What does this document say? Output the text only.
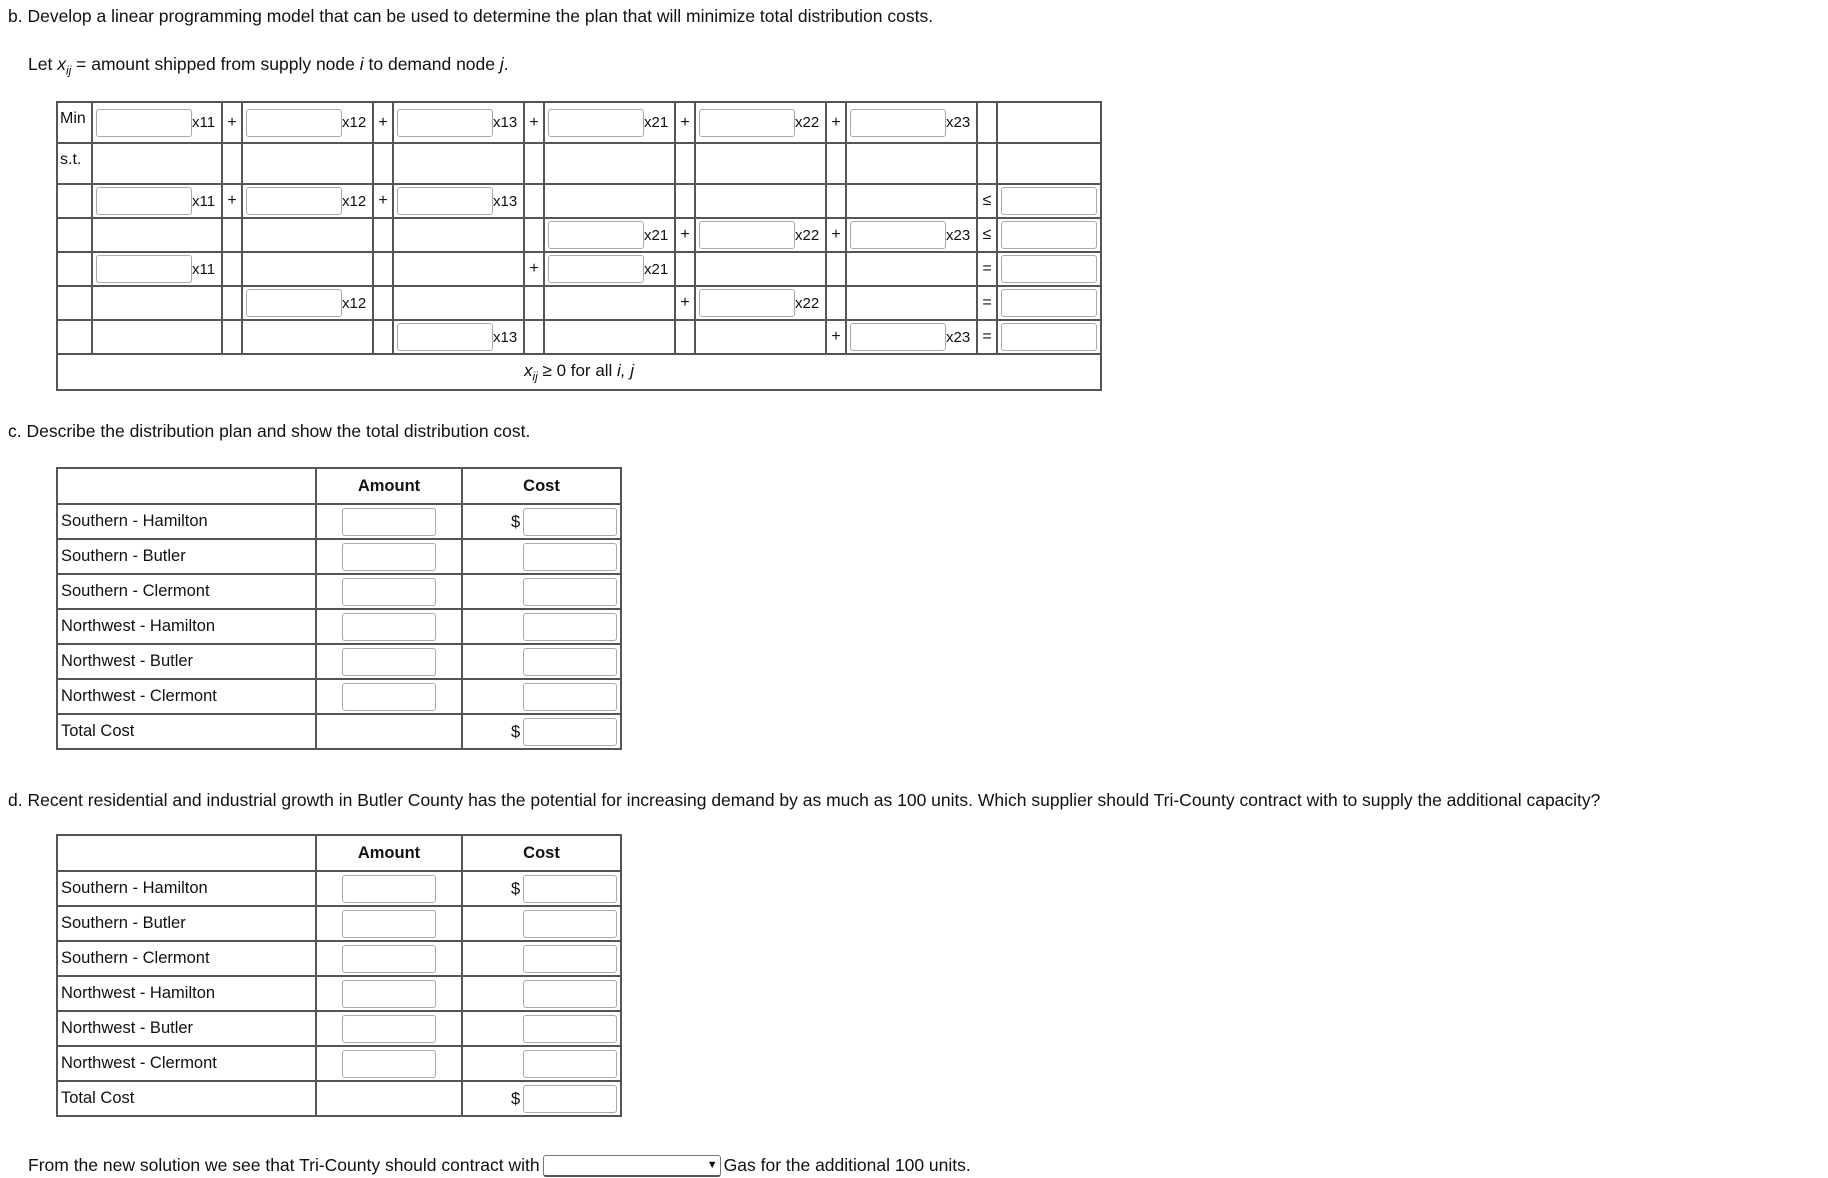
b. Develop a linear programming model that can be used to determine the plan that will minimize total distribution costs.
Let $x_{ij}$ = amount shipped from supply node i to demand node j.
Min	x11	+	x12	+	x13	+	x21	+	x22	+	x23		

s.t.													

	x11	+	x12	+	x13							≤	

							x21	+	x22	+	x23	≤	

	x11					+	x21					=	

			x12					+	x22			=	

					x13					+	x23	=	

$x_{ij} \ge 0$ for all i, j													
c. Describe the distribution plan and show the total distribution cost.
	Amount	Cost
Southern - Hamilton		$

Southern - Butler		
Southern - Clermont		
Northwest - Hamilton		
Northwest - Butler		
Northwest - Clermont		
Total Cost		$
d. Recent residential and industrial growth in Butler County has the potential for increasing demand by as much as 100 units. Which supplier should Tri-County contract with to supply the additional capacity?
	Amount	Cost
Southern - Hamilton		$

Southern - Butler		
Southern - Clermont		
Northwest - Hamilton		
Northwest - Butler		
Northwest - Clermont		
Total Cost		$
From the new solution we see that Tri-County should contract with	▼ Gas for the additional 100 units.
